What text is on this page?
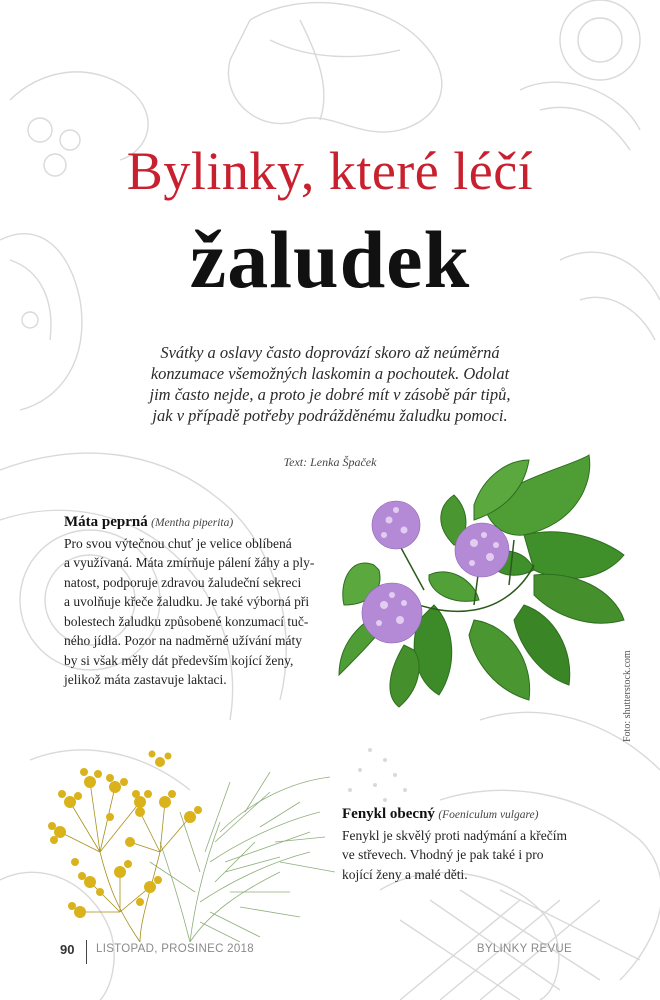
Bylinky, které léčí
žaludek
Svátky a oslavy často doprovází skoro až neúměrná
konzumace všemožných laskomin a pochoutek. Odolat
jim často nejde, a proto je dobré mít v zásobě pár tipů,
jak v případě potřeby podrážděnému žaludku pomoci.
Text: Lenka Špaček
Máta peprná (Mentha piperita)
Pro svou výtečnou chuť je velice oblíbená
a využívaná. Máta zmírňuje pálení žáhy a ply-
natost, podporuje zdravou žaludeční sekreci
a uvolňuje křeče žaludku. Je také výborná při
bolestech žaludku způsobené konzumací tuč-
ného jídla. Pozor na nadměrné užívání máty
by si však měly dát především kojící ženy,
jelikož máta zastavuje laktaci.	Foto: shutterstock.com
Fenykl obecný (Foeniculum vulgare)
Fenykl je skvělý proti nadýmání a křečím
ve střevech. Vhodný je pak také i pro
kojící ženy a malé děti.
90 LISTOPAD, PROSINEC 2018	BYLINKY REVUE
